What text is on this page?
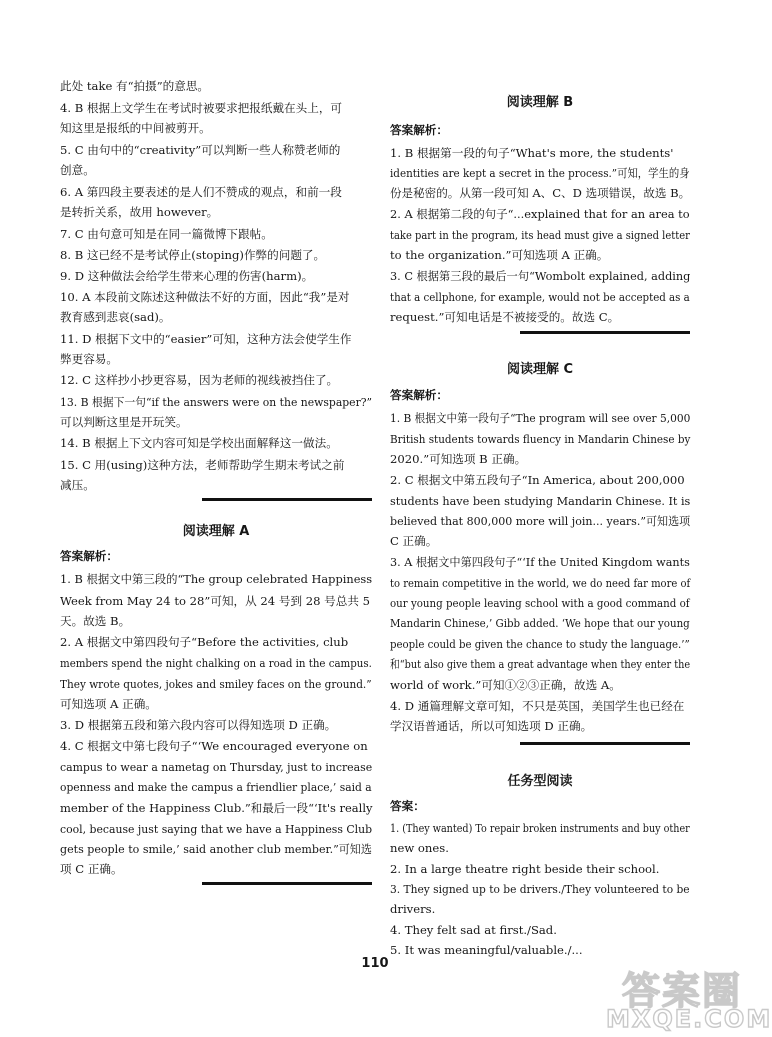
此处 take 有“拍摄”的意思。
4. B 根据上文学生在考试时被要求把报纸戴在头上，可
知这里是报纸的中间被剪开。
5. C 由句中的“creativity”可以判断一些人称赞老师的
创意。
6. A 第四段主要表述的是人们不赞成的观点，和前一段
是转折关系，故用 however。
7. C 由句意可知是在同一篇微博下跟帖。
8. B 这已经不是考试停止(stoping)作弊的问题了。
9. D 这种做法会给学生带来心理的伤害(harm)。
10. A 本段前文陈述这种做法不好的方面，因此“我”是对
教育感到悲哀(sad)。
11. D 根据下文中的“easier”可知，这种方法会使学生作
弊更容易。
12. C 这样抄小抄更容易，因为老师的视线被挡住了。
13. B 根据下一句“if the answers were on the newspaper?”
可以判断这里是开玩笑。
14. B 根据上下文内容可知是学校出面解释这一做法。
15. C 用(using)这种方法，老师帮助学生期末考试之前
减压。
阅读理解 A
答案解析：
1. B 根据文中第三段的“The group celebrated Happiness
Week from May 24 to 28”可知，从 24 号到 28 号总共 5
天。故选 B。
2. A 根据文中第四段句子“Before the activities, club
members spend the night chalking on a road in the campus.
They wrote quotes, jokes and smiley faces on the ground.”
可知选项 A 正确。
3. D 根据第五段和第六段内容可以得知选项 D 正确。
4. C 根据文中第七段句子“‘We encouraged everyone on
campus to wear a nametag on Thursday, just to increase
openness and make the campus a friendlier place,’ said a
member of the Happiness Club.”和最后一段“‘It's really
cool, because just saying that we have a Happiness Club
gets people to smile,’ said another club member.”可知选
项 C 正确。
阅读理解 B
答案解析：
1. B 根据第一段的句子“What's more, the students'
identities are kept a secret in the process.”可知，学生的身
份是秘密的。从第一段可知 A、C、D 选项错误，故选 B。
2. A 根据第二段的句子“...explained that for an area to
take part in the program, its head must give a signed letter
to the organization.”可知选项 A 正确。
3. C 根据第三段的最后一句“Wombolt explained, adding
that a cellphone, for example, would not be accepted as a
request.”可知电话是不被接受的。故选 C。
阅读理解 C
答案解析：
1. B 根据文中第一段句子“The program will see over 5,000
British students towards fluency in Mandarin Chinese by
2020.”可知选项 B 正确。
2. C 根据文中第五段句子“In America, about 200,000
students have been studying Mandarin Chinese. It is
believed that 800,000 more will join... years.”可知选项
C 正确。
3. A 根据文中第四段句子“‘If the United Kingdom wants
to remain competitive in the world, we do need far more of
our young people leaving school with a good command of
Mandarin Chinese,’ Gibb added. ‘We hope that our young
people could be given the chance to study the language.’”
和“but also give them a great advantage when they enter the
world of work.”可知①②③正确，故选 A。
4. D 通篇理解文章可知，不只是英国，美国学生也已经在
学汉语普通话，所以可知选项 D 正确。
任务型阅读
答案：
1. (They wanted) To repair broken instruments and buy other
new ones.
2. In a large theatre right beside their school.
3. They signed up to be drivers./They volunteered to be
drivers.
4. They felt sad at first./Sad.
5. It was meaningful/valuable./...
110
答案圈
MXQE.COM
